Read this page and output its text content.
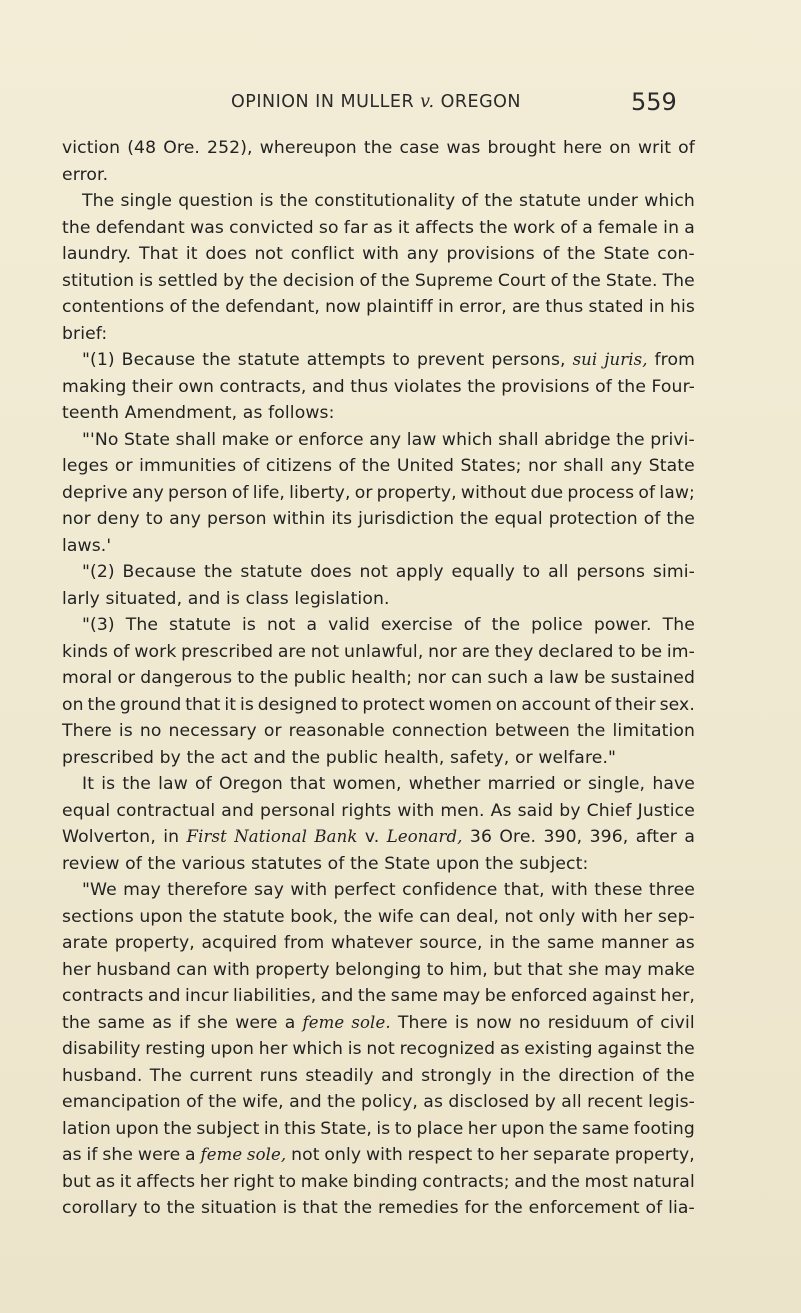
OPINION IN MULLER v. OREGON	559
viction (48 Ore. 252), whereupon the case was brought here on writ of
error.
The single question is the constitutionality of the statute under which
the defendant was convicted so far as it affects the work of a female in a
laundry. That it does not conflict with any provisions of the State con-
stitution is settled by the decision of the Supreme Court of the State. The
contentions of the defendant, now plaintiff in error, are thus stated in his
brief:
"(1) Because the statute attempts to prevent persons, sui juris, from
making their own contracts, and thus violates the provisions of the Four-
teenth Amendment, as follows:
"'No State shall make or enforce any law which shall abridge the privi-
leges or immunities of citizens of the United States; nor shall any State
deprive any person of life, liberty, or property, without due process of law;
nor deny to any person within its jurisdiction the equal protection of the
laws.'
"(2) Because the statute does not apply equally to all persons simi-
larly situated, and is class legislation.
"(3) The statute is not a valid exercise of the police power. The
kinds of work prescribed are not unlawful, nor are they declared to be im-
moral or dangerous to the public health; nor can such a law be sustained
on the ground that it is designed to protect women on account of their sex.
There is no necessary or reasonable connection between the limitation
prescribed by the act and the public health, safety, or welfare."
It is the law of Oregon that women, whether married or single, have
equal contractual and personal rights with men. As said by Chief Justice
Wolverton, in First National Bank v. Leonard, 36 Ore. 390, 396, after a
review of the various statutes of the State upon the subject:
"We may therefore say with perfect confidence that, with these three
sections upon the statute book, the wife can deal, not only with her sep-
arate property, acquired from whatever source, in the same manner as
her husband can with property belonging to him, but that she may make
contracts and incur liabilities, and the same may be enforced against her,
the same as if she were a feme sole. There is now no residuum of civil
disability resting upon her which is not recognized as existing against the
husband. The current runs steadily and strongly in the direction of the
emancipation of the wife, and the policy, as disclosed by all recent legis-
lation upon the subject in this State, is to place her upon the same footing
as if she were a feme sole, not only with respect to her separate property,
but as it affects her right to make binding contracts; and the most natural
corollary to the situation is that the remedies for the enforcement of lia-
